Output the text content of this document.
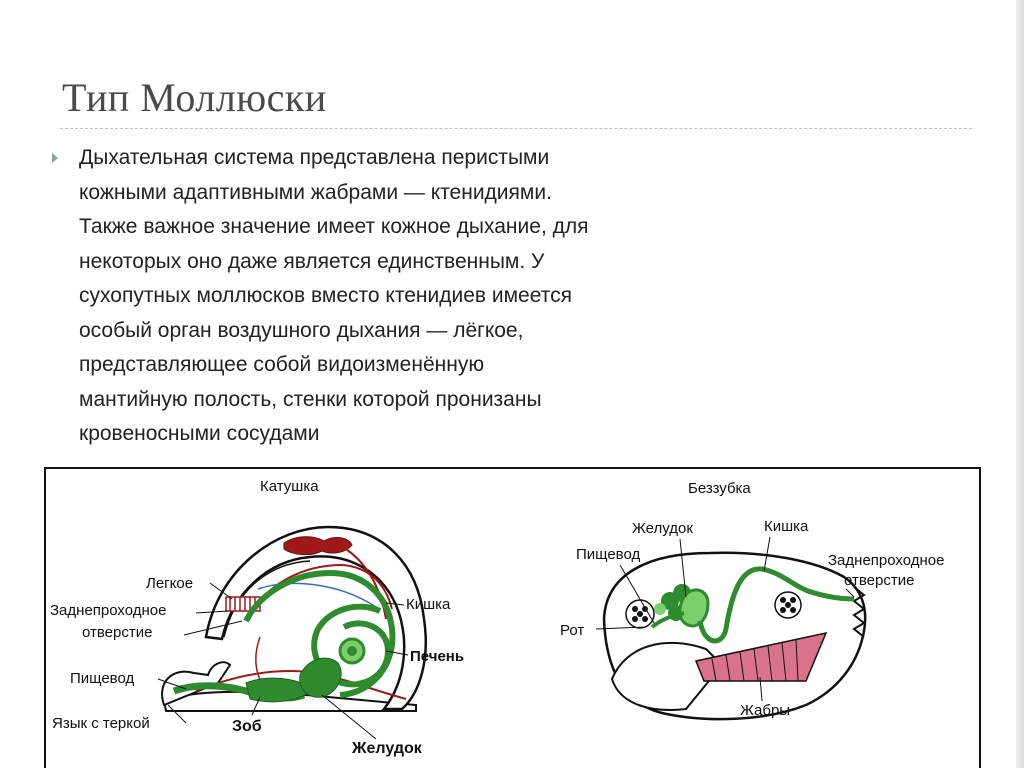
Тип Моллюски
Дыхательная система представлена перистыми
кожными адаптивными жабрами — ктенидиями.
Также важное значение имеет кожное дыхание, для
некоторых оно даже является единственным. У
сухопутных моллюсков вместо ктенидиев имеется
особый орган воздушного дыхания — лёгкое,
представляющее собой видоизменённую
мантийную полость, стенки которой пронизаны
кровеносными сосудами
Катушка
Легкое
Заднепроходное
отверстие
Кишка
Печень
Пищевод
Язык с теркой	Зоб
Желудок
Беззубка
Желудок	Кишка
Пищевод	Заднепроходное
отверстие
Рот
Жабры
